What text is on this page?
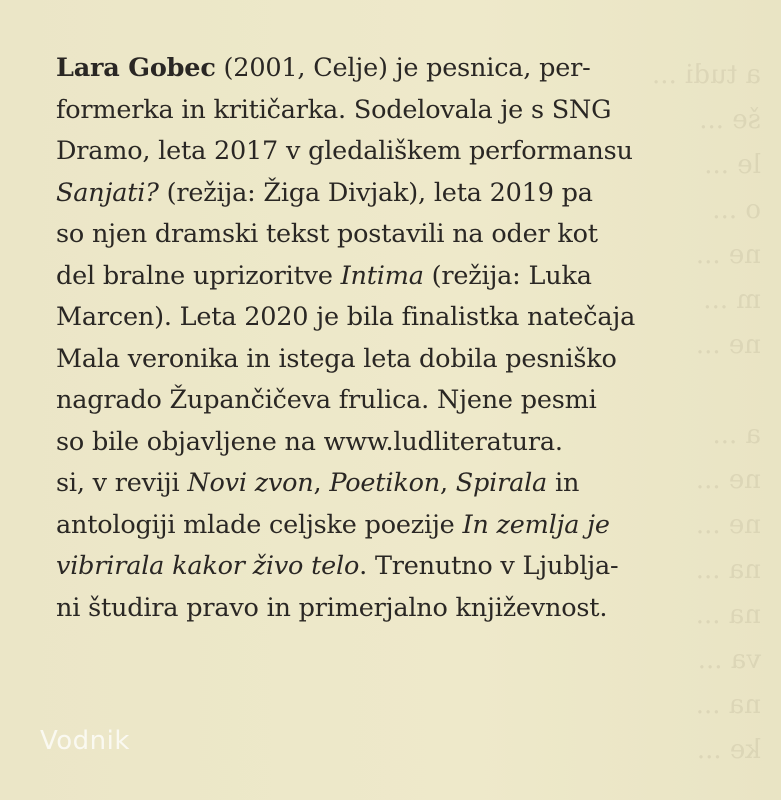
a tudi ...
še ...
le ...
o ...
ne ...
m ...
ne ...
a ...
ne ...
ne ...
na ...
na ...
va ...
na ...
ke ...
Lara Gobec (2001, Celje) je pesnica, per-
formerka in kritičarka. Sodelovala je s SNG
Dramo, leta 2017 v gledališkem performansu
Sanjati? (režija: Žiga Divjak), leta 2019 pa
so njen dramski tekst postavili na oder kot
del bralne uprizoritve Intima (režija: Luka
Marcen). Leta 2020 je bila finalistka natečaja
Mala veronika in istega leta dobila pesniško
nagrado Župančičeva frulica. Njene pesmi
so bile objavljene na www.ludliteratura.
si, v reviji Novi zvon, Poetikon, Spirala in
antologiji mlade celjske poezije In zemlja je
vibrirala kakor živo telo. Trenutno v Ljublja-
ni študira pravo in primerjalno književnost.
Vodnik
